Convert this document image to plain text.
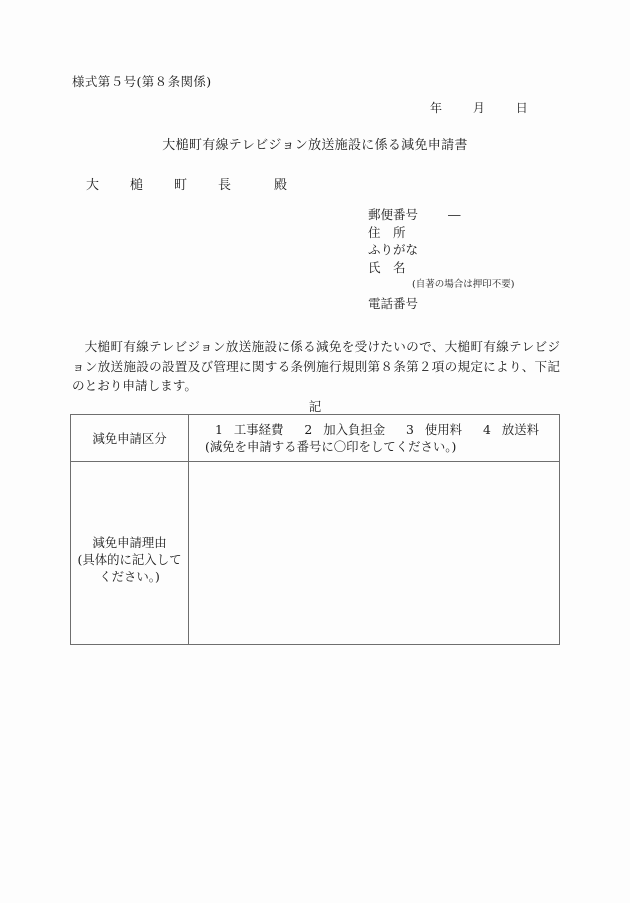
様式第５号(第８条関係)
年	月	日
大槌町有線テレビジョン放送施設に係る減免申請書
大　槌　町　長	殿
郵便番号 ―
住　所
ふりがな
氏　名
(自著の場合は押印不要)
電話番号
大槌町有線テレビジョン放送施設に係る減免を受けたいので、大槌町有線テレビジョン放送施設の設置及び管理に関する条例施行規則第８条第２項の規定により、下記のとおり申請します。
記
減免申請区分	1 工事経費 2 加入負担金 3 使用料 4 放送料
(減免を申請する番号に〇印をしてください。)

減免申請理由
(具体的に記入して
ください。)	
